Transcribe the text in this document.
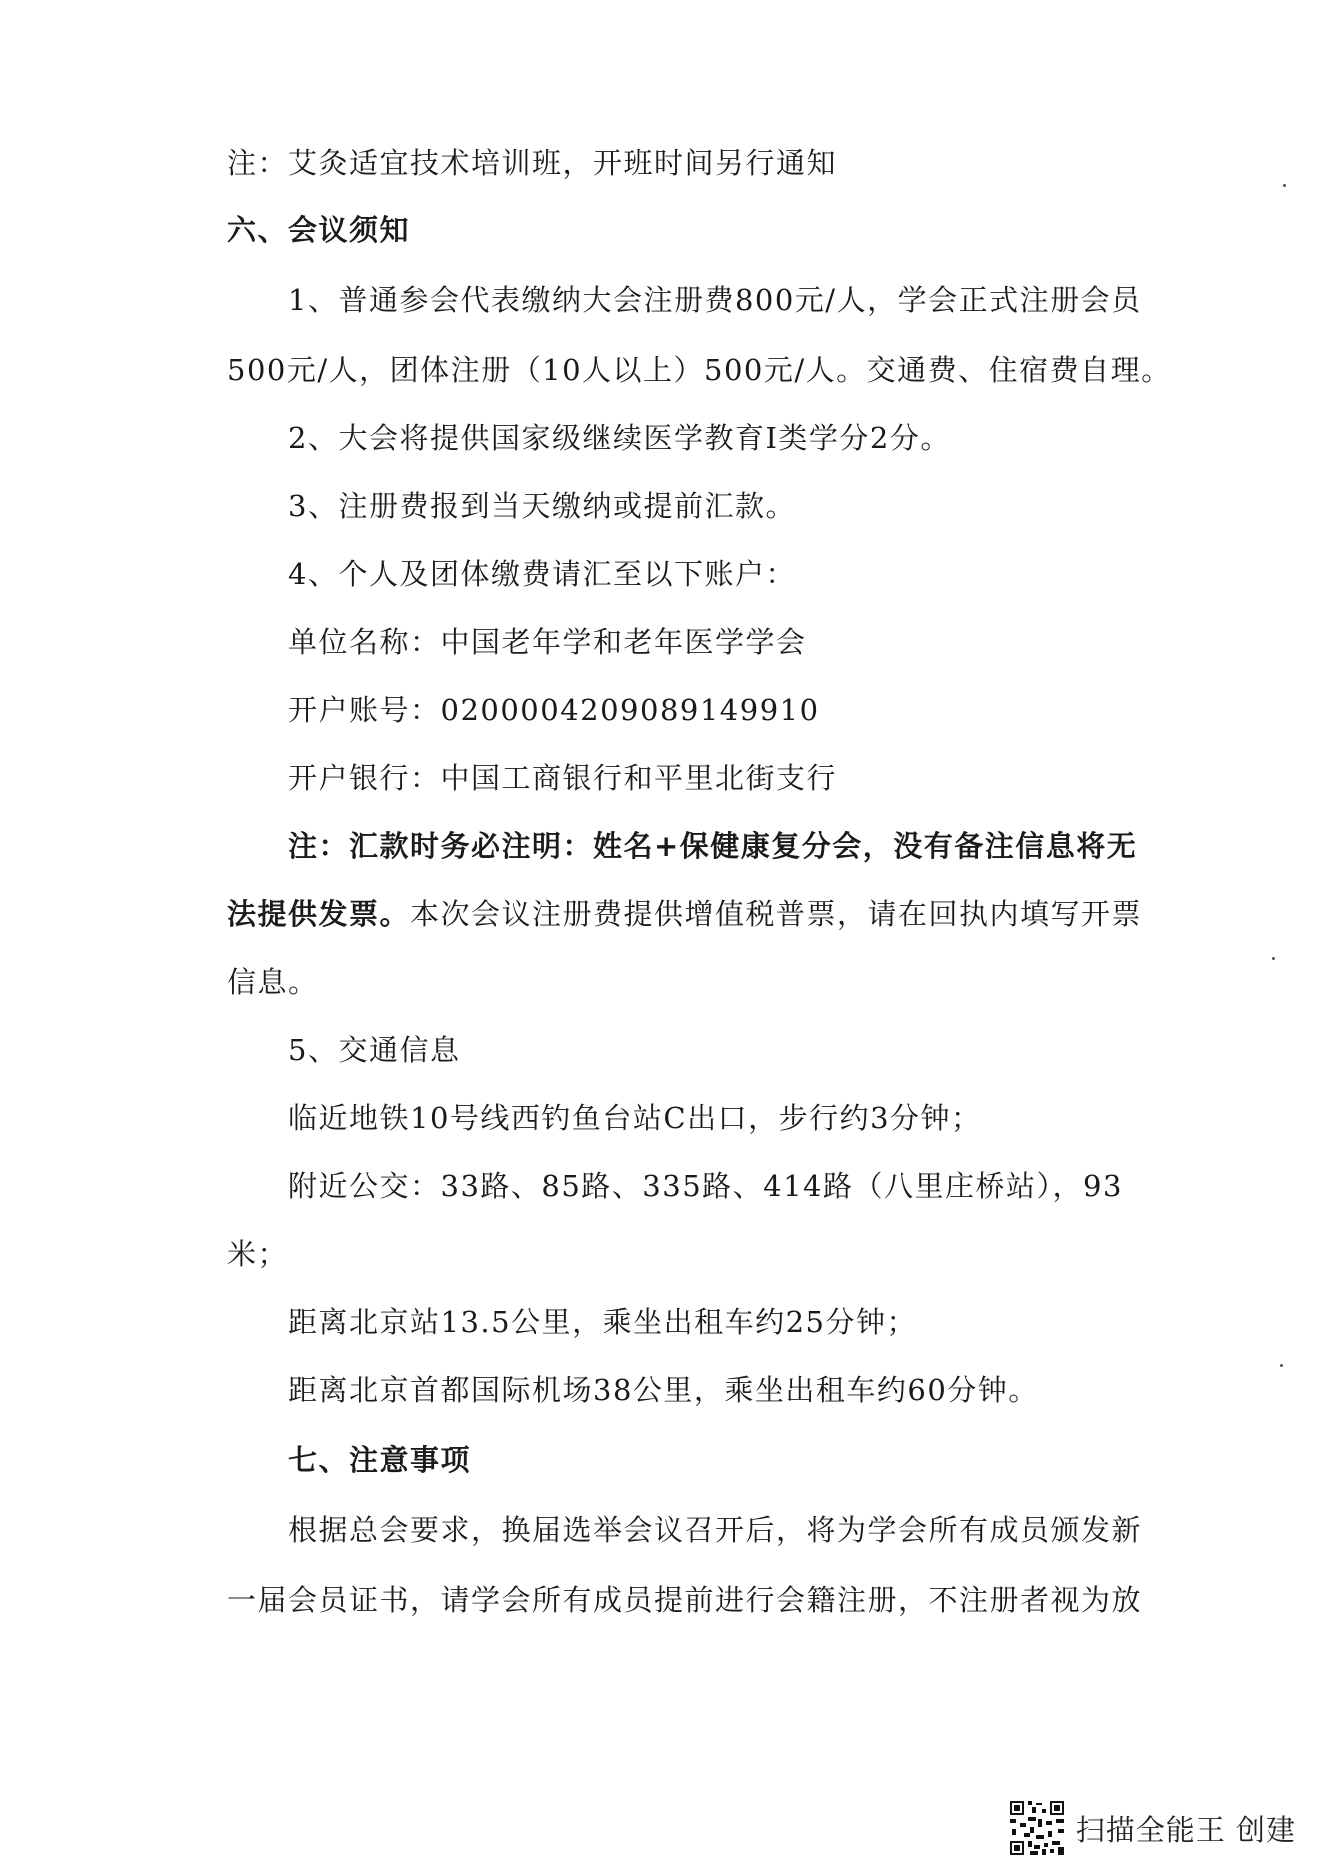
注：艾灸适宜技术培训班，开班时间另行通知
六、会议须知
1、普通参会代表缴纳大会注册费800元/人，学会正式注册会员
500元/人，团体注册（10人以上）500元/人。交通费、住宿费自理。
2、大会将提供国家级继续医学教育I类学分2分。
3、注册费报到当天缴纳或提前汇款。
4、个人及团体缴费请汇至以下账户：
单位名称：中国老年学和老年医学学会
开户账号：0200004209089149910
开户银行：中国工商银行和平里北街支行
注：汇款时务必注明：姓名+保健康复分会，没有备注信息将无
法提供发票。本次会议注册费提供增值税普票，请在回执内填写开票
信息。
5、交通信息
临近地铁10号线西钓鱼台站C出口，步行约3分钟；
附近公交：33路、85路、335路、414路（八里庄桥站），93
米；
距离北京站13.5公里，乘坐出租车约25分钟；
距离北京首都国际机场38公里，乘坐出租车约60分钟。
七、注意事项
根据总会要求，换届选举会议召开后，将为学会所有成员颁发新
一届会员证书，请学会所有成员提前进行会籍注册，不注册者视为放
扫描全能王 创建
